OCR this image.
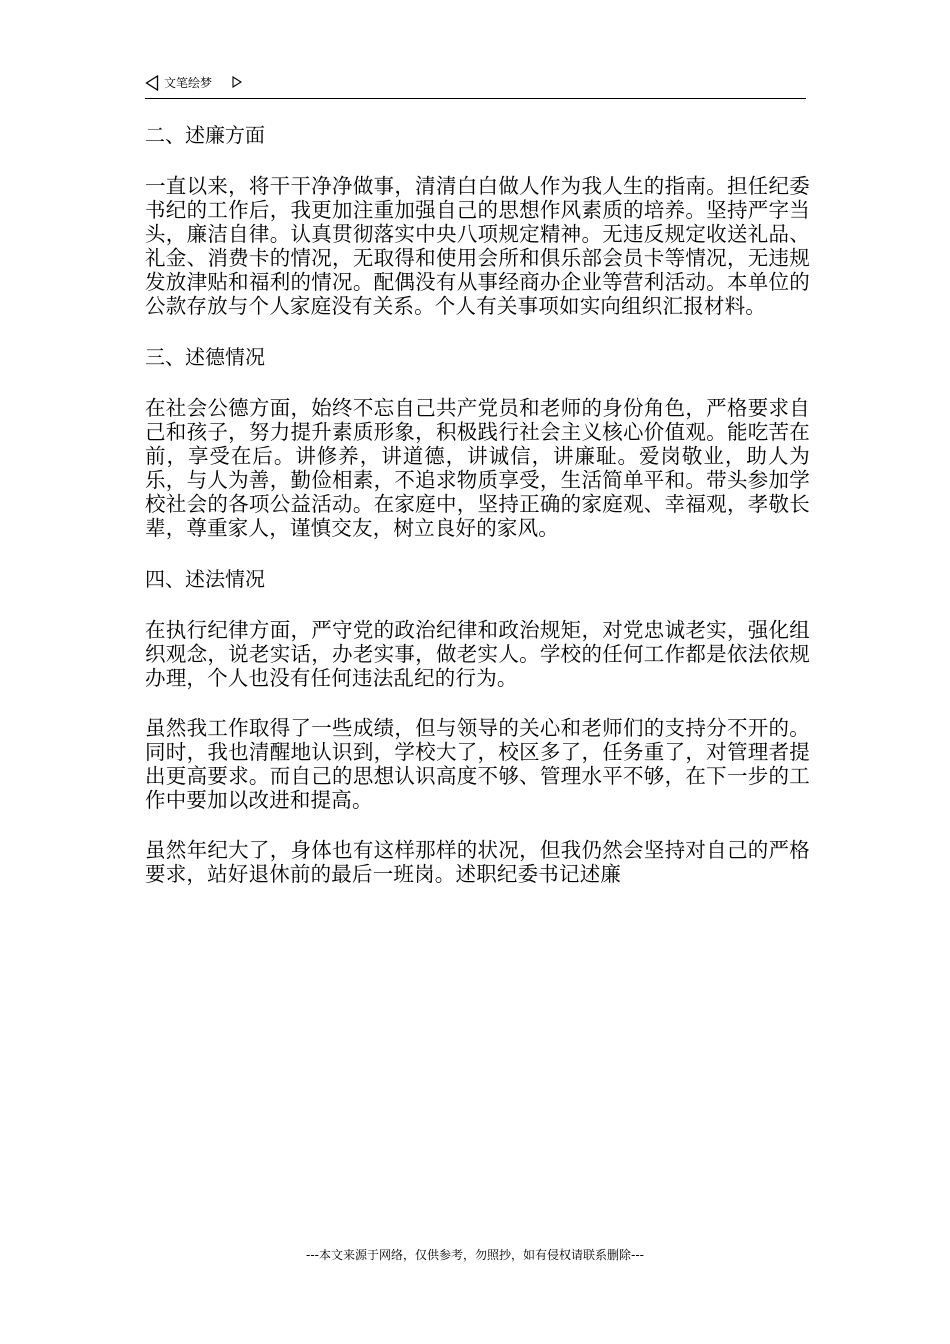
文笔绘梦
二、述廉方面
一直以来，将干干净净做事，清清白白做人作为我人生的指南。担任纪委书纪的工作后，我更加注重加强自己的思想作风素质的培养。坚持严字当头，廉洁自律。认真贯彻落实中央八项规定精神。无违反规定收送礼品、礼金、消费卡的情况，无取得和使用会所和俱乐部会员卡等情况，无违规发放津贴和福利的情况。配偶没有从事经商办企业等营利活动。本单位的公款存放与个人家庭没有关系。个人有关事项如实向组织汇报材料。
三、述德情况
在社会公德方面，始终不忘自己共产党员和老师的身份角色，严格要求自己和孩子，努力提升素质形象，积极践行社会主义核心价值观。能吃苦在前，享受在后。讲修养，讲道德，讲诚信，讲廉耻。爱岗敬业，助人为乐，与人为善，勤俭相素，不追求物质享受，生活简单平和。带头参加学校社会的各项公益活动。在家庭中，坚持正确的家庭观、幸福观，孝敬长辈，尊重家人，谨慎交友，树立良好的家风。
四、述法情况
在执行纪律方面，严守党的政治纪律和政治规矩，对党忠诚老实，强化组织观念，说老实话，办老实事，做老实人。学校的任何工作都是依法依规办理，个人也没有任何违法乱纪的行为。
虽然我工作取得了一些成绩，但与领导的关心和老师们的支持分不开的。同时，我也清醒地认识到，学校大了，校区多了，任务重了，对管理者提出更高要求。而自己的思想认识高度不够、管理水平不够，在下一步的工作中要加以改进和提高。
虽然年纪大了，身体也有这样那样的状况，但我仍然会坚持对自己的严格要求，站好退休前的最后一班岗。述职纪委书记述廉
---本文来源于网络，仅供参考，勿照抄，如有侵权请联系删除---
